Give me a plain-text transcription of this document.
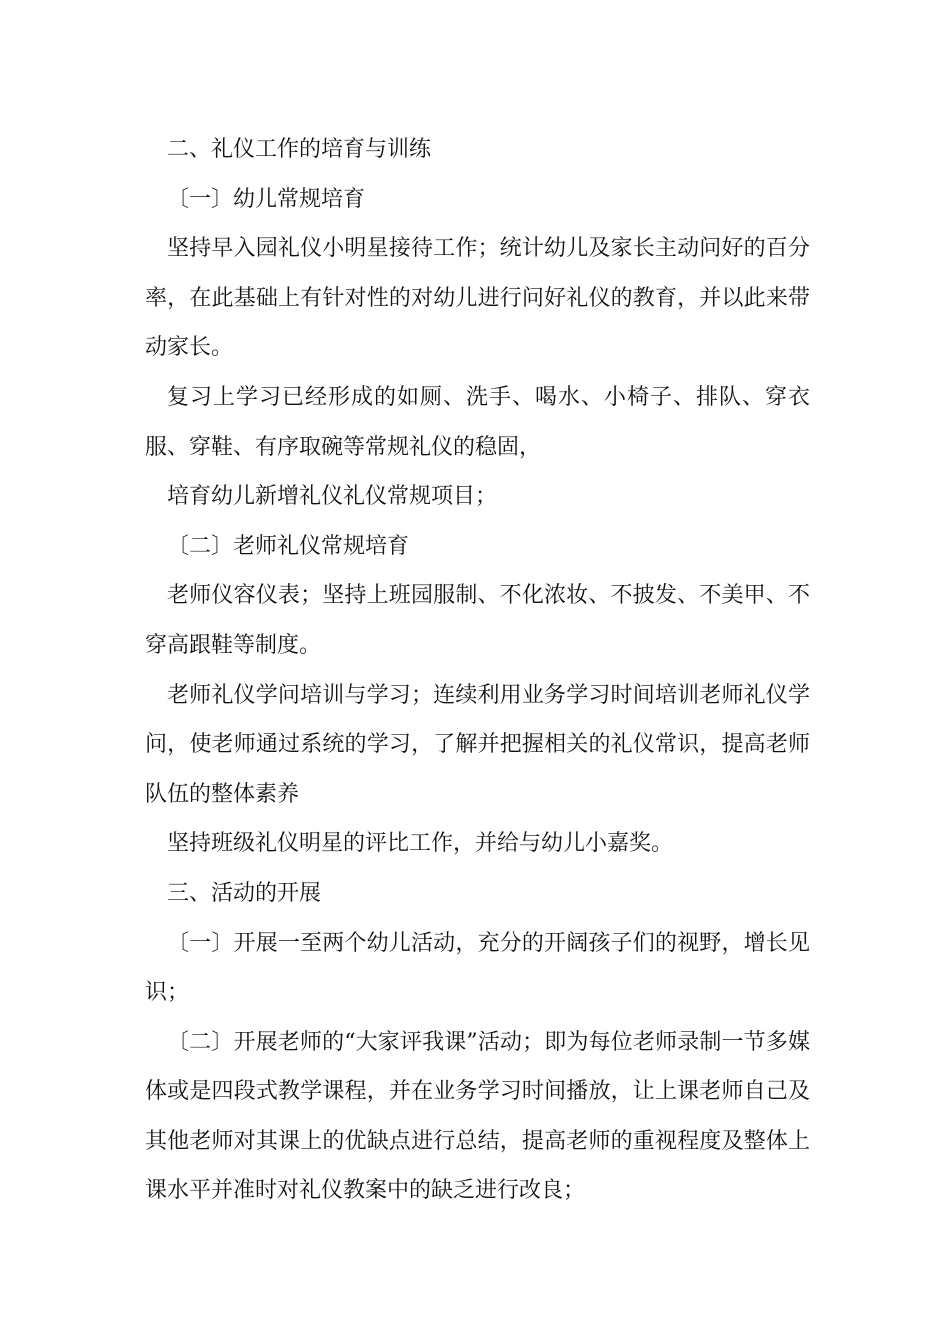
二、礼仪工作的培育与训练

〔一〕幼儿常规培育

坚持早入园礼仪小明星接待工作；统计幼儿及家长主动问好的百分率，在此基础上有针对性的对幼儿进行问好礼仪的教育，并以此来带动家长。

复习上学习已经形成的如厕、洗手、喝水、小椅子、排队、穿衣服、穿鞋、有序取碗等常规礼仪的稳固，

培育幼儿新增礼仪礼仪常规项目；

〔二〕老师礼仪常规培育

老师仪容仪表；坚持上班园服制、不化浓妆、不披发、不美甲、不穿高跟鞋等制度。

老师礼仪学问培训与学习；连续利用业务学习时间培训老师礼仪学问，使老师通过系统的学习，了解并把握相关的礼仪常识，提高老师队伍的整体素养

坚持班级礼仪明星的评比工作，并给与幼儿小嘉奖。

三、活动的开展

〔一〕开展一至两个幼儿活动，充分的开阔孩子们的视野，增长见识；

〔二〕开展老师的“大家评我课”活动；即为每位老师录制一节多媒体或是四段式教学课程，并在业务学习时间播放，让上课老师自己及其他老师对其课上的优缺点进行总结，提高老师的重视程度及整体上课水平并准时对礼仪教案中的缺乏进行改良；
